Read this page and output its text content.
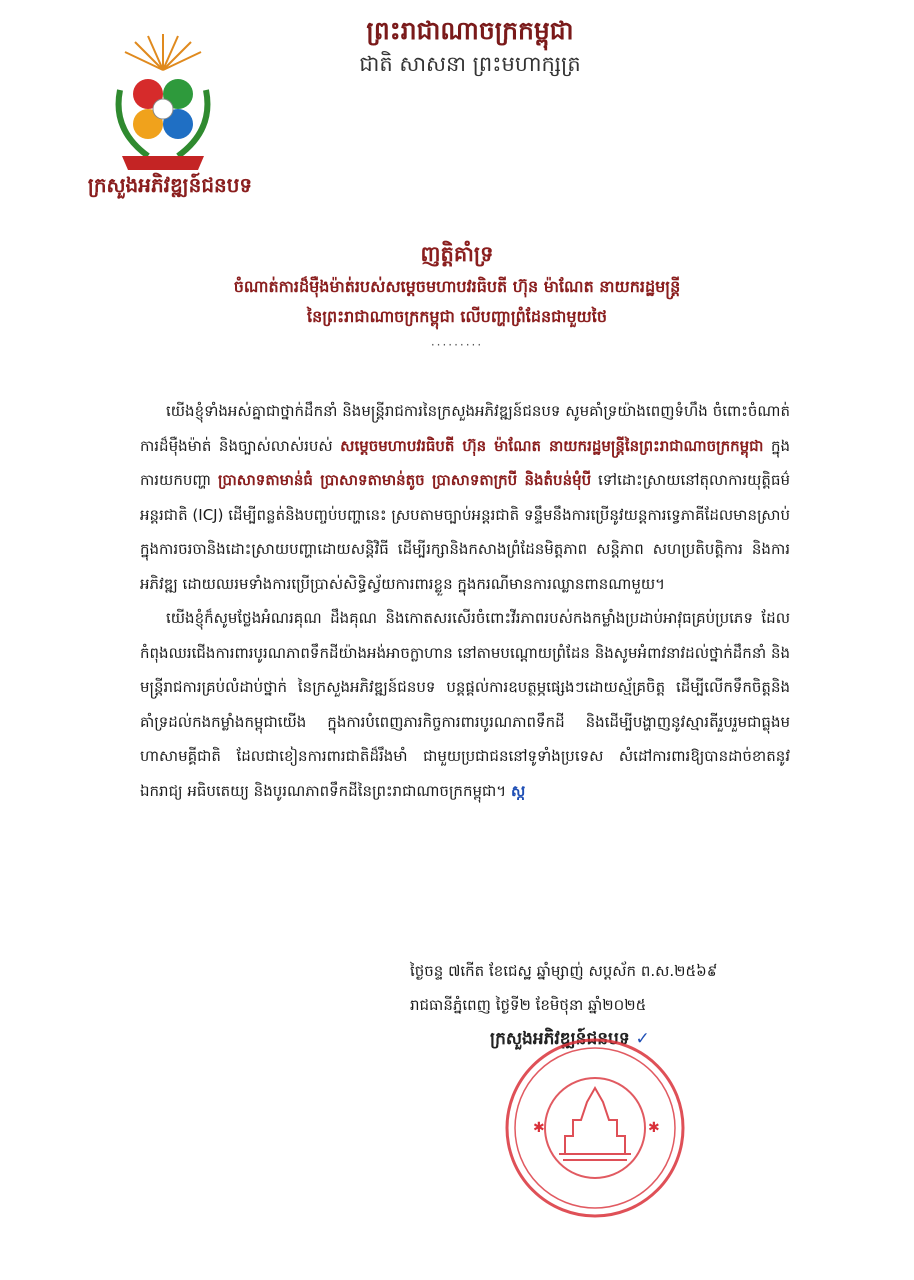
ព្រះរាជាណាចក្រកម្ពុជា
ជាតិ សាសនា ព្រះមហាក្សត្រ
ក្រសួងអភិវឌ្ឍន៍ជនបទ
ញត្តិគាំទ្រ
ចំណាត់ការដ៏ម៉ឺងម៉ាត់របស់សម្តេចមហាបវរធិបតី ហ៊ុន ម៉ាណែត នាយករដ្ឋមន្ត្រី
នៃព្រះរាជាណាចក្រកម្ពុជា លើបញ្ហាព្រំដែនជាមួយថៃ
·········

យើងខ្ញុំទាំងអស់គ្នាជាថ្នាក់ដឹកនាំ និងមន្ត្រីរាជការនៃក្រសួងអភិវឌ្ឍន៍ជនបទ សូមគាំទ្រយ៉ាងពេញទំហឹង ចំពោះចំណាត់ការដ៏ម៉ឺងម៉ាត់ និងច្បាស់លាស់របស់ សម្តេចមហាបវរធិបតី ហ៊ុន ម៉ាណែត នាយករដ្ឋមន្ត្រីនៃព្រះរាជាណាចក្រកម្ពុជា ក្នុងការយកបញ្ហា ប្រាសាទតាមាន់ធំ ប្រាសាទតាមាន់តូច ប្រាសាទតាក្របី និងតំបន់មុំបី ទៅដោះស្រាយនៅតុលាការយុត្តិធម៌អន្តរជាតិ (ICJ) ដើម្បីពន្លត់និងបញ្ចប់បញ្ហានេះ ស្របតាមច្បាប់អន្តរជាតិ ទន្ទឹមនឹងការប្រើនូវយន្តការទ្វេភាគីដែលមានស្រាប់ក្នុងការចរចានិងដោះស្រាយបញ្ហាដោយសន្តិវិធី ដើម្បីរក្សានិងកសាងព្រំដែនមិត្តភាព សន្តិភាព សហប្រតិបត្តិការ និងការអភិវឌ្ឍ ដោយឈរមទាំងការប្រើប្រាស់សិទ្ធិស្វ័យការពារខ្លួន ក្នុងករណីមានការឈ្លានពានណាមួយ។

យើងខ្ញុំក៏សូមថ្លែងអំណរគុណ ដឹងគុណ និងកោតសរសើរចំពោះវីរភាពរបស់កងកម្លាំងប្រដាប់អាវុធគ្រប់ប្រភេទ ដែលកំពុងឈរជើងការពារបូរណភាពទឹកដីយ៉ាងអង់អាចក្លាហាន នៅតាមបណ្តោយព្រំដែន និងសូមអំពាវនាវដល់ថ្នាក់ដឹកនាំ និងមន្ត្រីរាជការគ្រប់លំដាប់ថ្នាក់ នៃក្រសួងអភិវឌ្ឍន៍ជនបទ បន្តផ្តល់ការឧបត្ថម្ភផ្សេងៗដោយស្ម័គ្រចិត្ត ដើម្បីលើកទឹកចិត្តនិងគាំទ្រដល់កងកម្លាំងកម្ពុជាយើង ក្នុងការបំពេញភារកិច្ចការពារបូរណភាពទឹកដី និងដើម្បីបង្ហាញនូវស្មារតីរួបរួមជាធ្លុងមហាសាមគ្គីជាតិ ដែលជាខៀនការពារជាតិដ៏រឹងមាំ ជាមួយប្រជាជននៅទូទាំងប្រទេស សំដៅការពារឱ្យបានដាច់ខាតនូវឯករាជ្យ អធិបតេយ្យ និងបូរណភាពទឹកដីនៃព្រះរាជាណាចក្រកម្ពុជា។ ស្ក

ថ្ងៃចន្ទ ៧កើត ខែជេស្ឋ ឆ្នាំម្សាញ់ សប្តស័ក ព.ស.២៥៦៩
រាជធានីភ្នំពេញ ថ្ងៃទី២ ខែមិថុនា ឆ្នាំ២០២៥
ក្រសួងអភិវឌ្ឍន៍ជនបទ ✓
✱	✱
